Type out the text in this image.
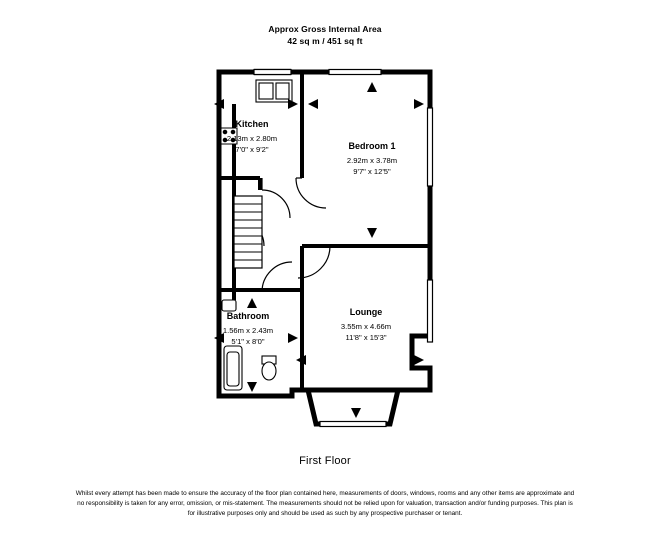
Approx Gross Internal Area
42 sq m / 451 sq ft
Kitchen
2.13m x 2.80m
7'0" x 9'2"	Bedroom 1
2.92m x 3.78m
9'7" x 12'5"
Bathroom
1.56m x 2.43m
5'1" x 8'0"
Lounge
3.55m x 4.66m
11'8" x 15'3"
First Floor
Whilst every attempt has been made to ensure the accuracy of the floor plan contained here, measurements of doors, windows, rooms and any other items are approximate and no responsibility is taken for any error, omission, or mis-statement. The measurements should not be relied upon for valuation, transaction and/or funding purposes. This plan is for illustrative purposes only and should be used as such by any prospective purchaser or tenant.
